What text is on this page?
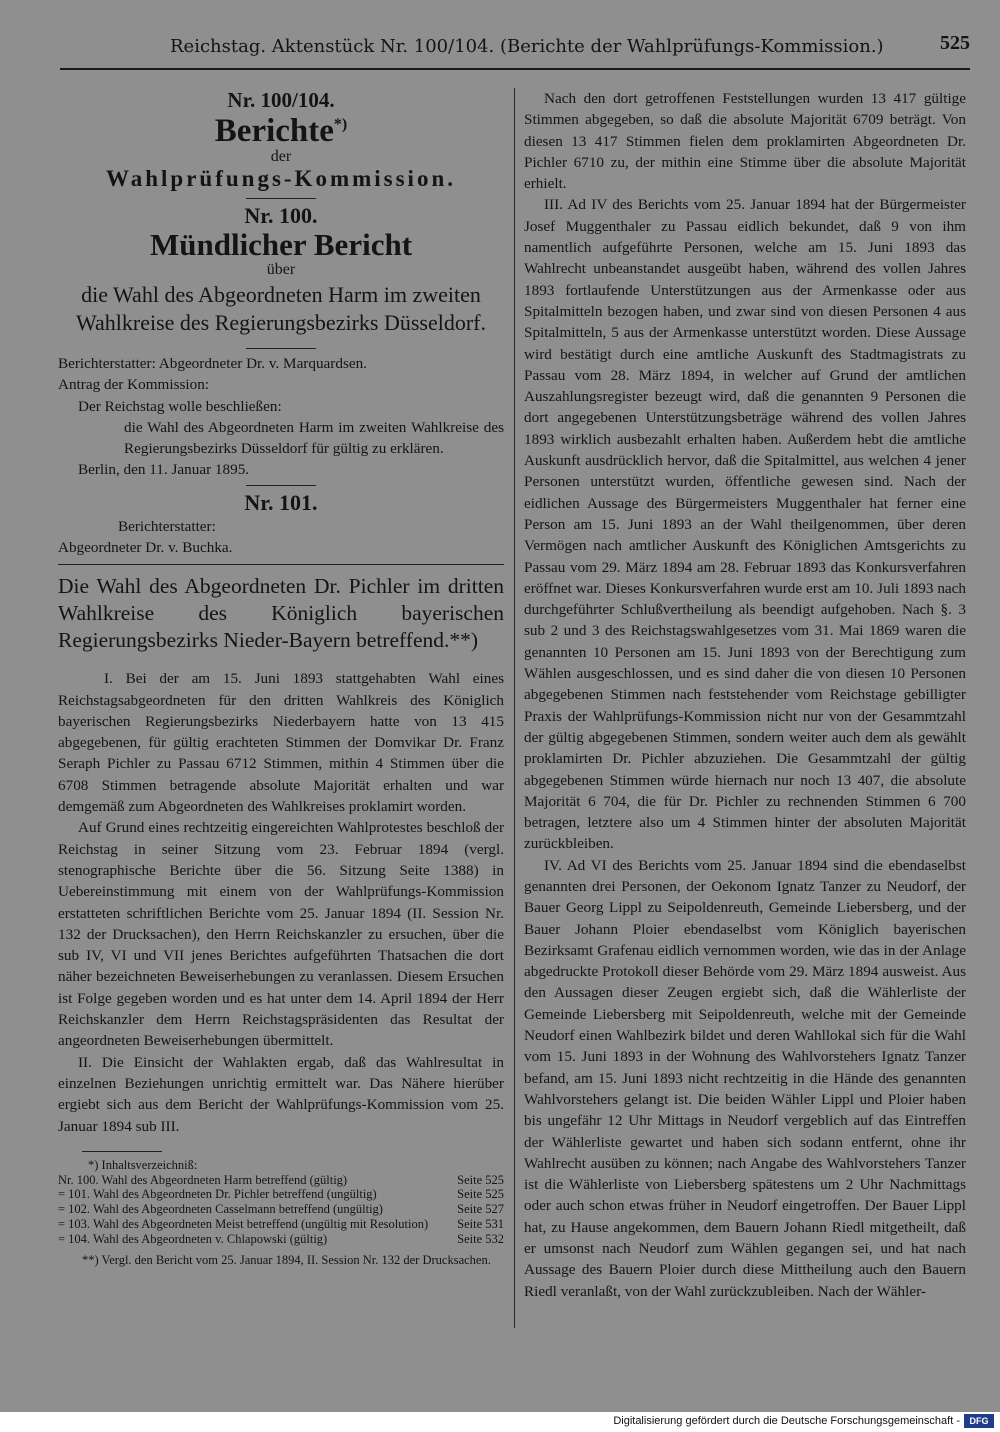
Reichstag. Aktenstück Nr. 100/104. (Berichte der Wahlprüfungs-Kommission.)	525
Nr. 100/104.
Berichte*)
der
Wahlprüfungs-Kommission.
Nr. 100.
Mündlicher Bericht
über
die Wahl des Abgeordneten Harm im zweiten Wahlkreise des Regierungsbezirks Düsseldorf.

Berichterstatter: Abgeordneter Dr. v. Marquardsen.

Antrag der Kommission:

Der Reichstag wolle beschließen:

die Wahl des Abgeordneten Harm im zweiten Wahlkreise des Regierungsbezirks Düsseldorf für gültig zu erklären.

Berlin, den 11. Januar 1895.

Nr. 101.

Berichterstatter:

Abgeordneter Dr. v. Buchka.

Die Wahl des Abgeordneten Dr. Pichler im dritten Wahlkreise des Königlich bayerischen Regierungsbezirks Nieder-Bayern betreffend.**)

I. Bei der am 15. Juni 1893 stattgehabten Wahl eines Reichstagsabgeordneten für den dritten Wahlkreis des Königlich bayerischen Regierungsbezirks Niederbayern hatte von 13 415 abgegebenen, für gültig erachteten Stimmen der Domvikar Dr. Franz Seraph Pichler zu Passau 6712 Stimmen, mithin 4 Stimmen über die 6708 Stimmen betragende absolute Majorität erhalten und war demgemäß zum Abgeordneten des Wahlkreises proklamirt worden.

Auf Grund eines rechtzeitig eingereichten Wahlprotestes beschloß der Reichstag in seiner Sitzung vom 23. Februar 1894 (vergl. stenographische Berichte über die 56. Sitzung Seite 1388) in Uebereinstimmung mit einem von der Wahlprüfungs-Kommission erstatteten schriftlichen Berichte vom 25. Januar 1894 (II. Session Nr. 132 der Drucksachen), den Herrn Reichskanzler zu ersuchen, über die sub IV, VI und VII jenes Berichtes aufgeführten Thatsachen die dort näher bezeichneten Beweiserhebungen zu veranlassen. Diesem Ersuchen ist Folge gegeben worden und es hat unter dem 14. April 1894 der Herr Reichskanzler dem Herrn Reichstagspräsidenten das Resultat der angeordneten Beweiserhebungen übermittelt.

II. Die Einsicht der Wahlakten ergab, daß das Wahlresultat in einzelnen Beziehungen unrichtig ermittelt war. Das Nähere hierüber ergiebt sich aus dem Bericht der Wahlprüfungs-Kommission vom 25. Januar 1894 sub III.

*) Inhaltsverzeichniß:
Nr. 100. Wahl des Abgeordneten Harm betreffend (gültig)	Seite 525
= 101. Wahl des Abgeordneten Dr. Pichler betreffend (ungültig)	Seite 525
= 102. Wahl des Abgeordneten Casselmann betreffend (ungültig)	Seite 527
= 103. Wahl des Abgeordneten Meist betreffend (ungültig mit Resolution)	Seite 531
= 104. Wahl des Abgeordneten v. Chlapowski (gültig)	Seite 532
**) Vergl. den Bericht vom 25. Januar 1894, II. Session Nr. 132 der Drucksachen.

Nach den dort getroffenen Feststellungen wurden 13 417 gültige Stimmen abgegeben, so daß die absolute Majorität 6709 beträgt. Von diesen 13 417 Stimmen fielen dem proklamirten Abgeordneten Dr. Pichler 6710 zu, der mithin eine Stimme über die absolute Majorität erhielt.

III. Ad IV des Berichts vom 25. Januar 1894 hat der Bürgermeister Josef Muggenthaler zu Passau eidlich bekundet, daß 9 von ihm namentlich aufgeführte Personen, welche am 15. Juni 1893 das Wahlrecht unbeanstandet ausgeübt haben, während des vollen Jahres 1893 fortlaufende Unterstützungen aus der Armenkasse oder aus Spitalmitteln bezogen haben, und zwar sind von diesen Personen 4 aus Spitalmitteln, 5 aus der Armenkasse unterstützt worden. Diese Aussage wird bestätigt durch eine amtliche Auskunft des Stadtmagistrats zu Passau vom 28. März 1894, in welcher auf Grund der amtlichen Auszahlungsregister bezeugt wird, daß die genannten 9 Personen die dort angegebenen Unterstützungsbeträge während des vollen Jahres 1893 wirklich ausbezahlt erhalten haben. Außerdem hebt die amtliche Auskunft ausdrücklich hervor, daß die Spitalmittel, aus welchen 4 jener Personen unterstützt wurden, öffentliche gewesen sind. Nach der eidlichen Aussage des Bürgermeisters Muggenthaler hat ferner eine Person am 15. Juni 1893 an der Wahl theilgenommen, über deren Vermögen nach amtlicher Auskunft des Königlichen Amtsgerichts zu Passau vom 29. März 1894 am 28. Februar 1893 das Konkursverfahren eröffnet war. Dieses Konkursverfahren wurde erst am 10. Juli 1893 nach durchgeführter Schlußvertheilung als beendigt aufgehoben. Nach §. 3 sub 2 und 3 des Reichstagswahlgesetzes vom 31. Mai 1869 waren die genannten 10 Personen am 15. Juni 1893 von der Berechtigung zum Wählen ausgeschlossen, und es sind daher die von diesen 10 Personen abgegebenen Stimmen nach feststehender vom Reichstage gebilligter Praxis der Wahlprüfungs-Kommission nicht nur von der Gesammtzahl der gültig abgegebenen Stimmen, sondern weiter auch dem als gewählt proklamirten Dr. Pichler abzuziehen. Die Gesammtzahl der gültig abgegebenen Stimmen würde hiernach nur noch 13 407, die absolute Majorität 6 704, die für Dr. Pichler zu rechnenden Stimmen 6 700 betragen, letztere also um 4 Stimmen hinter der absoluten Majorität zurückbleiben.

IV. Ad VI des Berichts vom 25. Januar 1894 sind die ebendaselbst genannten drei Personen, der Oekonom Ignatz Tanzer zu Neudorf, der Bauer Georg Lippl zu Seipoldenreuth, Gemeinde Liebersberg, und der Bauer Johann Ploier ebendaselbst vom Königlich bayerischen Bezirksamt Grafenau eidlich vernommen worden, wie das in der Anlage abgedruckte Protokoll dieser Behörde vom 29. März 1894 ausweist. Aus den Aussagen dieser Zeugen ergiebt sich, daß die Wählerliste der Gemeinde Liebersberg mit Seipoldenreuth, welche mit der Gemeinde Neudorf einen Wahlbezirk bildet und deren Wahllokal sich für die Wahl vom 15. Juni 1893 in der Wohnung des Wahlvorstehers Ignatz Tanzer befand, am 15. Juni 1893 nicht rechtzeitig in die Hände des genannten Wahlvorstehers gelangt ist. Die beiden Wähler Lippl und Ploier haben bis ungefähr 12 Uhr Mittags in Neudorf vergeblich auf das Eintreffen der Wählerliste gewartet und haben sich sodann entfernt, ohne ihr Wahlrecht ausüben zu können; nach Angabe des Wahlvorstehers Tanzer ist die Wählerliste von Liebersberg spätestens um 2 Uhr Nachmittags oder auch schon etwas früher in Neudorf eingetroffen. Der Bauer Lippl hat, zu Hause angekommen, dem Bauern Johann Riedl mitgetheilt, daß er umsonst nach Neudorf zum Wählen gegangen sei, und hat nach Aussage des Bauern Ploier durch diese Mittheilung auch den Bauern Riedl veranlaßt, von der Wahl zurückzubleiben. Nach der Wähler-

Digitalisierung gefördert durch die Deutsche Forschungsgemeinschaft -	DFG
